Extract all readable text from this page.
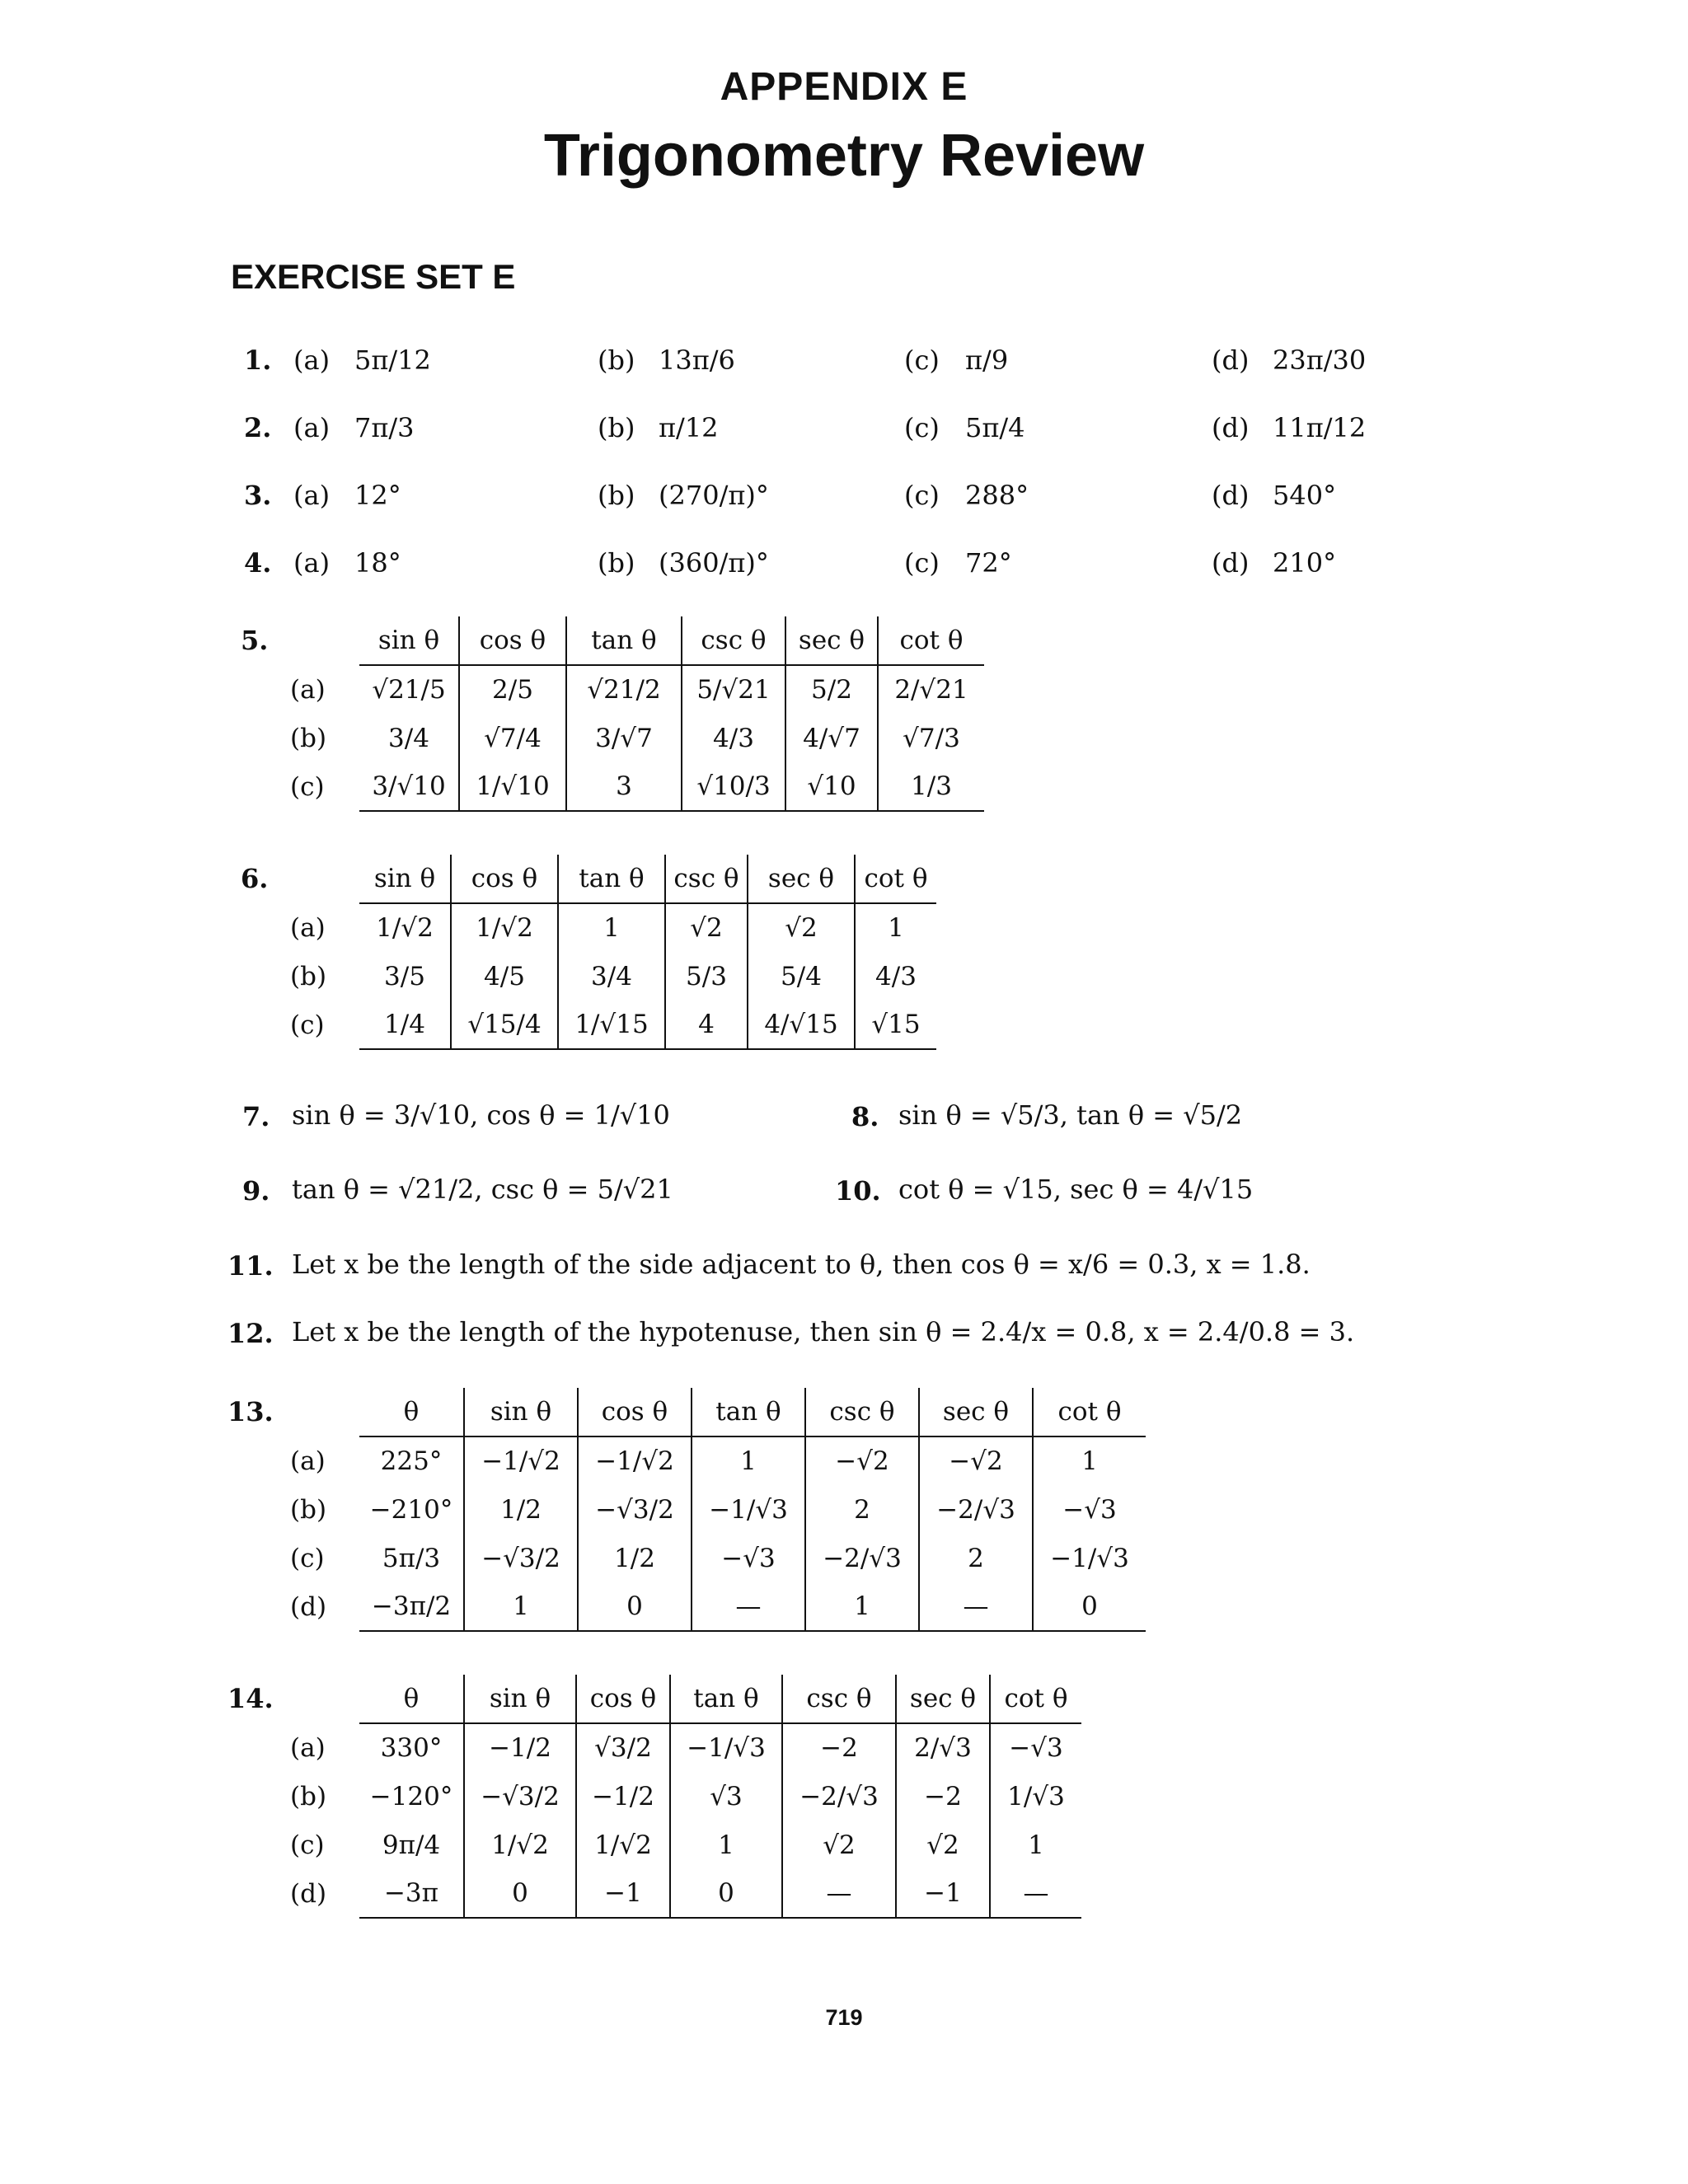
APPENDIX E
Trigonometry Review
EXERCISE SET E
1. (a) 5π/12	(b) 13π/6	(c) π/9	(d) 23π/30
2. (a) 7π/3	(b) π/12	(c) 5π/4	(d) 11π/12
3. (a) 12°	(b) (270/π)°	(c) 288°	(d) 540°
4. (a) 18°	(b) (360/π)°	(c) 72°	(d) 210°
5.
		sin θ	cos θ	tan θ	csc θ	sec θ	cot θ
(a)	√21/5	2/5	√21/2	5/√21	5/2	2/√21
(b)	3/4	√7/4	3/√7	4/3	4/√7	√7/3
(c)	3/√10	1/√10	3	√10/3	√10	1/3
6.
		sin θ	cos θ	tan θ	csc θ	sec θ	cot θ
(a)	1/√2	1/√2	1	√2	√2	1
(b)	3/5	4/5	3/4	5/3	5/4	4/3
(c)	1/4	√15/4	1/√15	4	4/√15	√15
7. sin θ = 3/√10, cos θ = 1/√10	8. sin θ = √5/3, tan θ = √5/2
9. tan θ = √21/2, csc θ = 5/√21	10. cot θ = √15, sec θ = 4/√15
11. Let x be the length of the side adjacent to θ, then cos θ = x/6 = 0.3, x = 1.8.
12. Let x be the length of the hypotenuse, then sin θ = 2.4/x = 0.8, x = 2.4/0.8 = 3.
13.
		θ	sin θ	cos θ	tan θ	csc θ	sec θ	cot θ
(a)	225°	−1/√2	−1/√2	1	−√2	−√2	1
(b)	−210°	1/2	−√3/2	−1/√3	2	−2/√3	−√3
(c)	5π/3	−√3/2	1/2	−√3	−2/√3	2	−1/√3
(d)	−3π/2	1	0	—	1	—	0
14.
		θ	sin θ	cos θ	tan θ	csc θ	sec θ	cot θ
(a)	330°	−1/2	√3/2	−1/√3	−2	2/√3	−√3
(b)	−120°	−√3/2	−1/2	√3	−2/√3	−2	1/√3
(c)	9π/4	1/√2	1/√2	1	√2	√2	1
(d)	−3π	0	−1	0	—	−1	—
719
